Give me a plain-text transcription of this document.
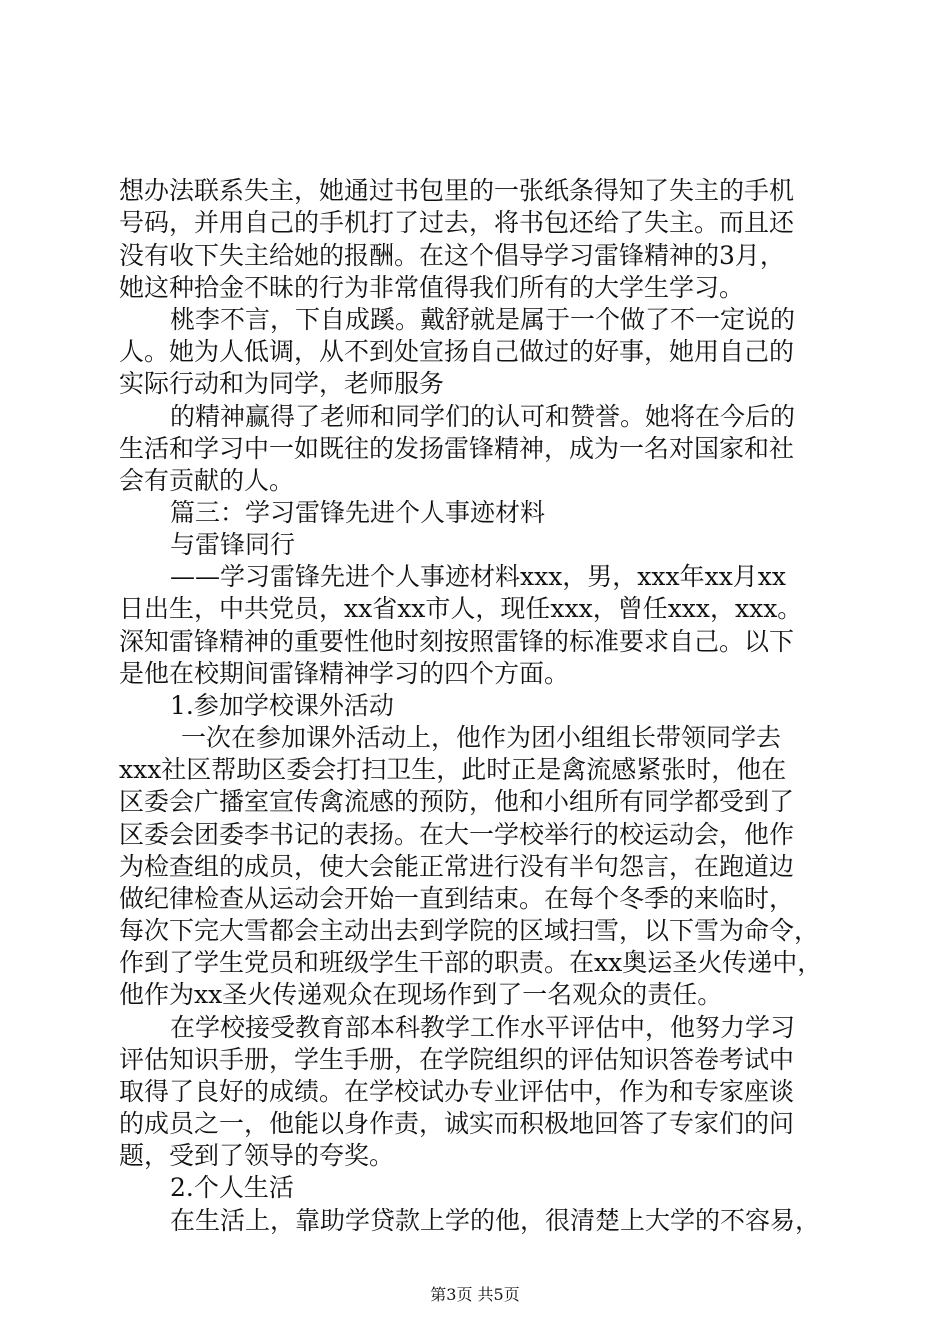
想办法联系失主，她通过书包里的一张纸条得知了失主的手机
号码，并用自己的手机打了过去，将书包还给了失主。而且还
没有收下失主给她的报酬。在这个倡导学习雷锋精神的3月，
她这种拾金不昧的行为非常值得我们所有的大学生学习。
桃李不言，下自成蹊。戴舒就是属于一个做了不一定说的
人。她为人低调，从不到处宣扬自己做过的好事，她用自己的
实际行动和为同学，老师服务
的精神赢得了老师和同学们的认可和赞誉。她将在今后的
生活和学习中一如既往的发扬雷锋精神，成为一名对国家和社
会有贡献的人。
篇三：学习雷锋先进个人事迹材料
与雷锋同行
——学习雷锋先进个人事迹材料xxx，男，xxx年xx月xx
日出生，中共党员，xx省xx市人，现任xxx，曾任xxx，xxx。
深知雷锋精神的重要性他时刻按照雷锋的标准要求自己。以下
是他在校期间雷锋精神学习的四个方面。
1.参加学校课外活动
一次在参加课外活动上，他作为团小组组长带领同学去
xxx社区帮助区委会打扫卫生，此时正是禽流感紧张时，他在
区委会广播室宣传禽流感的预防，他和小组所有同学都受到了
区委会团委李书记的表扬。在大一学校举行的校运动会，他作
为检查组的成员，使大会能正常进行没有半句怨言，在跑道边
做纪律检查从运动会开始一直到结束。在每个冬季的来临时，
每次下完大雪都会主动出去到学院的区域扫雪，以下雪为命令，
作到了学生党员和班级学生干部的职责。在xx奥运圣火传递中，
他作为xx圣火传递观众在现场作到了一名观众的责任。
在学校接受教育部本科教学工作水平评估中，他努力学习
评估知识手册，学生手册，在学院组织的评估知识答卷考试中
取得了良好的成绩。在学校试办专业评估中，作为和专家座谈
的成员之一，他能以身作责，诚实而积极地回答了专家们的问
题，受到了领导的夸奖。
2.个人生活
在生活上，靠助学贷款上学的他，很清楚上大学的不容易，
第3页 共5页
